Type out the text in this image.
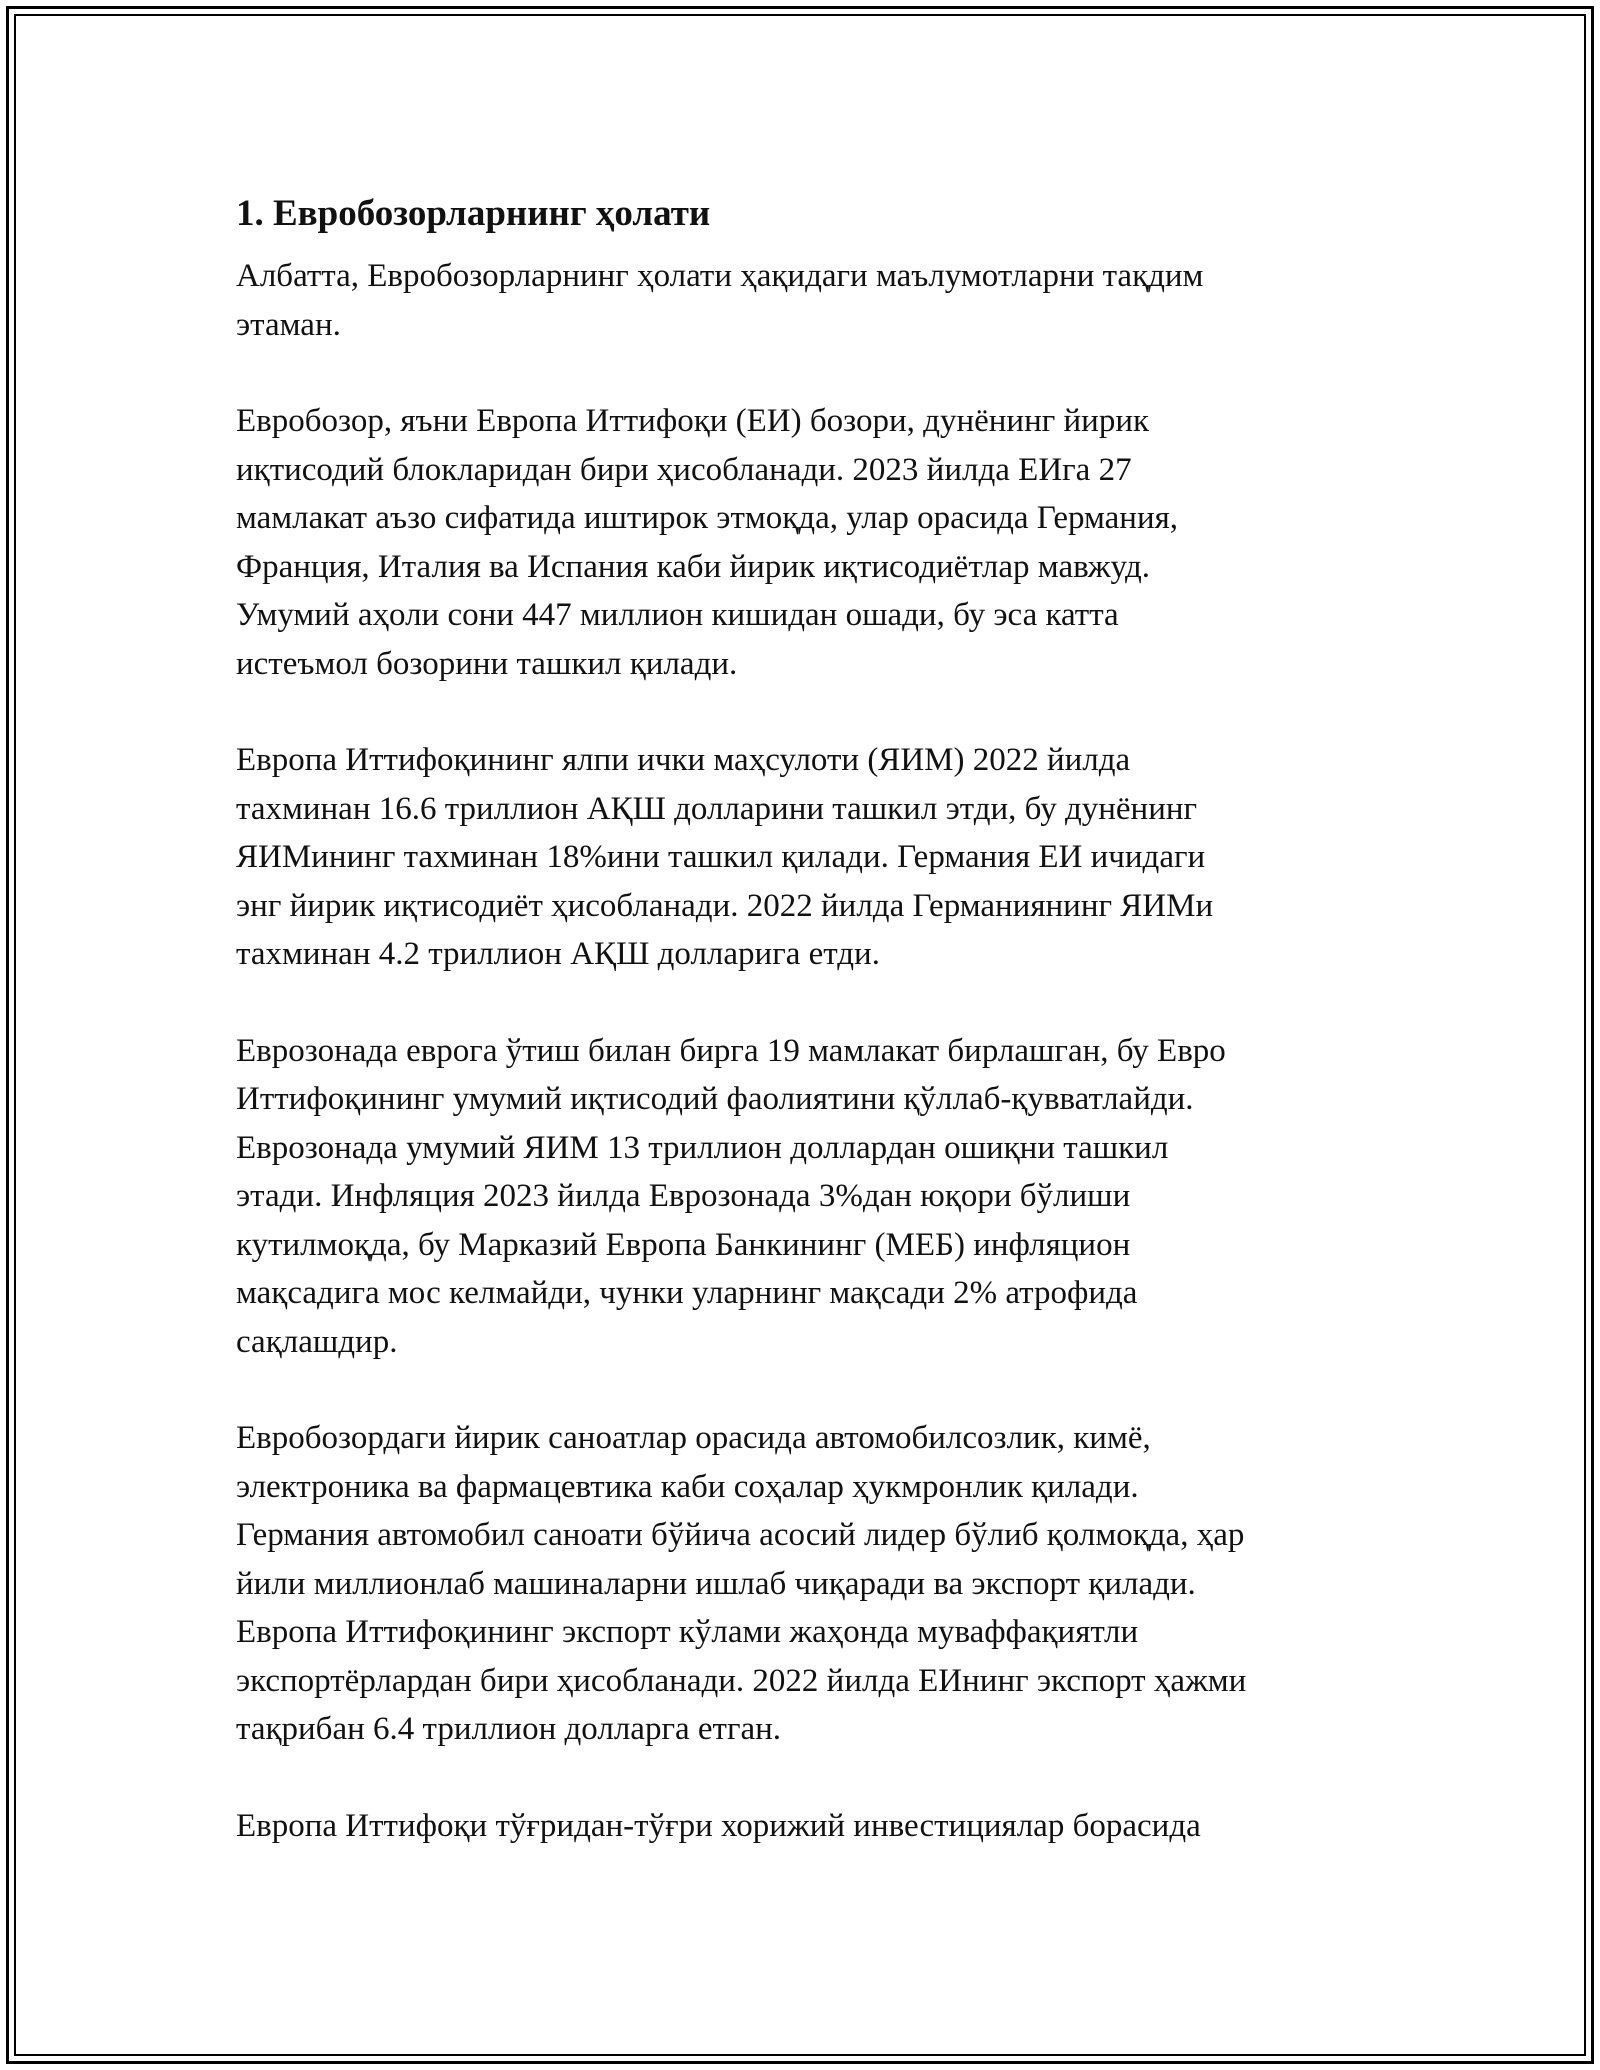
1. Евробозорларнинг ҳолати

Албатта, Евробозорларнинг ҳолати ҳақидаги маълумотларни тақдим
этаман.

Евробозор, яъни Европа Иттифоқи (ЕИ) бозори, дунёнинг йирик
иқтисодий блокларидан бири ҳисобланади. 2023 йилда ЕИга 27
мамлакат аъзо сифатида иштирок этмоқда, улар орасида Германия,
Франция, Италия ва Испания каби йирик иқтисодиётлар мавжуд.
Умумий аҳоли сони 447 миллион кишидан ошади, бу эса катта
истеъмол бозорини ташкил қилади.

Европа Иттифоқининг ялпи ички маҳсулоти (ЯИМ) 2022 йилда
тахминан 16.6 триллион АҚШ долларини ташкил этди, бу дунёнинг
ЯИМининг тахминан 18%ини ташкил қилади. Германия ЕИ ичидаги
энг йирик иқтисодиёт ҳисобланади. 2022 йилда Германиянинг ЯИМи
тахминан 4.2 триллион АҚШ долларига етди.

Еврозонада еврога ўтиш билан бирга 19 мамлакат бирлашган, бу Евро
Иттифоқининг умумий иқтисодий фаолиятини қўллаб-қувватлайди.
Еврозонада умумий ЯИМ 13 триллион доллардан ошиқни ташкил
этади. Инфляция 2023 йилда Еврозонада 3%дан юқори бўлиши
кутилмоқда, бу Марказий Европа Банкининг (МЕБ) инфляцион
мақсадига мос келмайди, чунки уларнинг мақсади 2% атрофида
сақлашдир.

Евробозордаги йирик саноатлар орасида автомобилсозлик, кимё,
электроника ва фармацевтика каби соҳалар ҳукмронлик қилади.
Германия автомобил саноати бўйича асосий лидер бўлиб қолмоқда, ҳар
йили миллионлаб машиналарни ишлаб чиқаради ва экспорт қилади.
Европа Иттифоқининг экспорт кўлами жаҳонда муваффақиятли
экспортёрлардан бири ҳисобланади. 2022 йилда ЕИнинг экспорт ҳажми
тақрибан 6.4 триллион долларга етган.

Европа Иттифоқи тўғридан-тўғри хорижий инвестициялар борасида
